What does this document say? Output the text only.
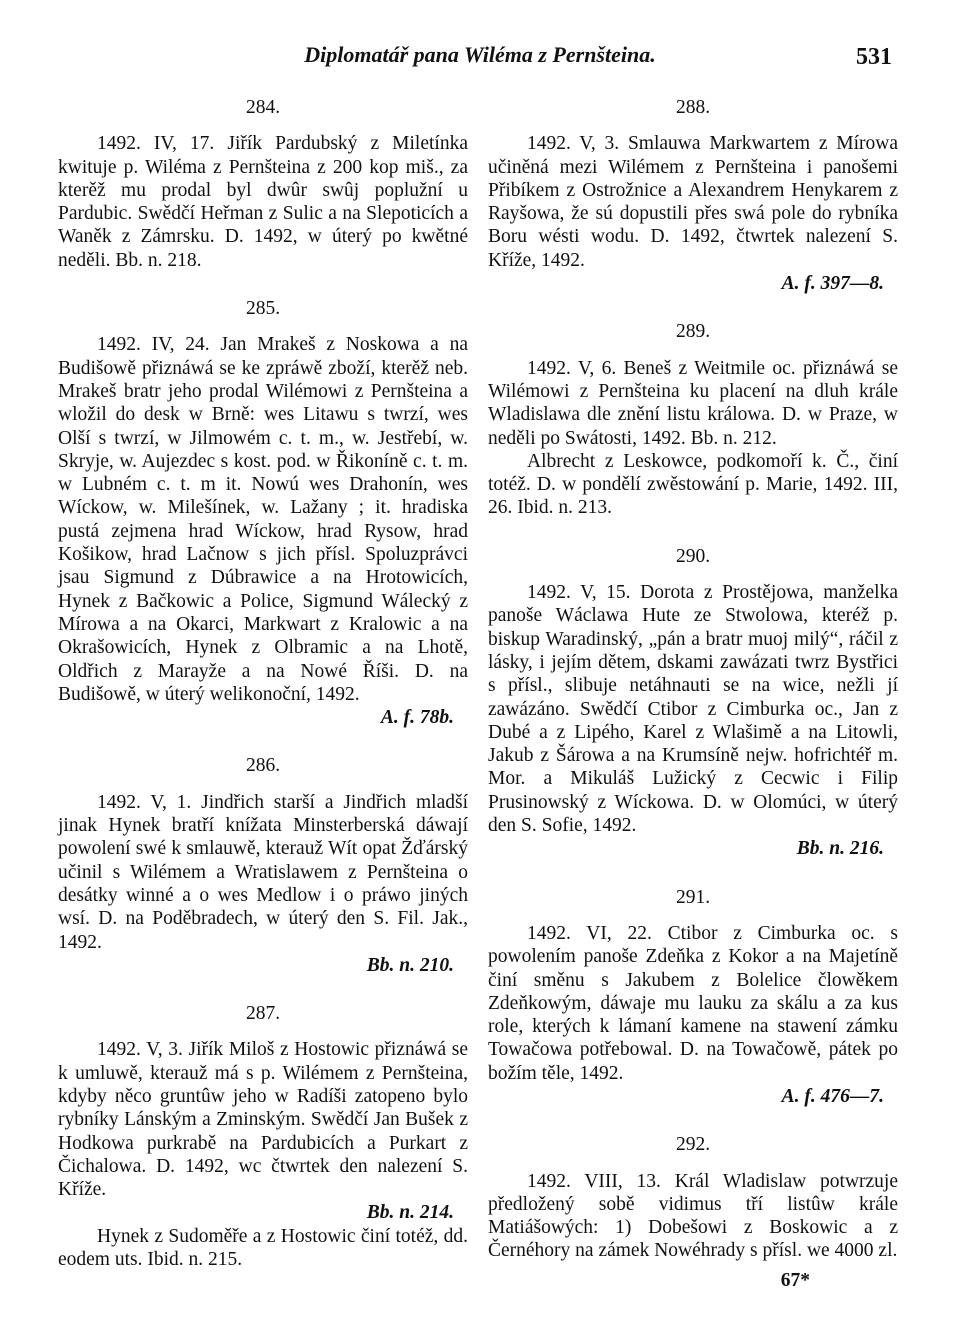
Diplomatář pana Wiléma z Pernšteina.	531
284.

1492. IV, 17. Jiřík Pardubský z Miletínka kwituje p. Wiléma z Pernšteina z 200 kop miš., za kterěž mu prodal byl dwûr swûj poplužní u Pardubic. Swědčí Heřman z Sulic a na Slepoticích a Waněk z Zámrsku. D. 1492, w úterý po kwětné neděli. Bb. n. 218.

285.

1492. IV, 24. Jan Mrakeš z Noskowa a na Budišowě přiznáwá se ke zpráwě zboží, kterěž neb. Mrakeš bratr jeho prodal Wilémowi z Pernšteina a wložil do desk w Brně: wes Litawu s twrzí, wes Olší s twrzí, w Jilmowém c. t. m., w. Jestřebí, w. Skryje, w. Aujezdec s kost. pod. w Řikoníně c. t. m. w Lubném c. t. m it. Nowú wes Drahonín, wes Wíckow, w. Milešínek, w. Lažany ; it. hradiska pustá zejmena hrad Wíckow, hrad Rysow, hrad Košikow, hrad Lačnow s jich přísl. Spoluzprávci jsau Sigmund z Dúbrawice a na Hrotowicích, Hynek z Bačkowic a Police, Sigmund Wálecký z Mírowa a na Okarci, Markwart z Kralowic a na Okrašowicích, Hynek z Olbramic a na Lhotě, Oldřich z Marayže a na Nowé Říši. D. na Budišowě, w úterý welikonoční, 1492.

A. f. 78b.

286.

1492. V, 1. Jindřich starší a Jindřich mladší jinak Hynek bratří knížata Minsterberská dáwají powolení swé k smlauwě, kterauž Wít opat Žďárský učinil s Wilémem a Wratislawem z Pernšteina o desátky winné a o wes Medlow i o práwo jiných wsí. D. na Poděbradech, w úterý den S. Fil. Jak., 1492.

Bb. n. 210.

287.

1492. V, 3. Jiřík Miloš z Hostowic přiznáwá se k umluwě, kterauž má s p. Wilémem z Pernšteina, kdyby něco gruntûw jeho w Radíši zatopeno bylo rybníky Lánským a Zminským. Swědčí Jan Bušek z Hodkowa purkrabě na Pardubicích a Purkart z Čichalowa. D. 1492, wc čtwrtek den nalezení S. Kříže.

Bb. n. 214.

Hynek z Sudoměře a z Hostowic činí totéž, dd. eodem uts. Ibid. n. 215.

288.

1492. V, 3. Smlauwa Markwartem z Mírowa učiněná mezi Wilémem z Pernšteina i panošemi Přibíkem z Ostrožnice a Alexandrem Henykarem z Rayšowa, že sú dopustili přes swá pole do rybníka Boru wésti wodu. D. 1492, čtwrtek nalezení S. Kříže, 1492.

A. f. 397—8.

289.

1492. V, 6. Beneš z Weitmile oc. přiznáwá se Wilémowi z Pernšteina ku placení na dluh krále Wladislawa dle znění listu králowa. D. w Praze, w neděli po Swátosti, 1492. Bb. n. 212.

Albrecht z Leskowce, podkomoří k. Č., činí totéž. D. w pondělí zwěstowání p. Marie, 1492. III, 26. Ibid. n. 213.

290.

1492. V, 15. Dorota z Prostějowa, manželka panoše Wáclawa Hute ze Stwolowa, kteréž p. biskup Waradinský, „pán a bratr muoj milý“, ráčil z lásky, i jejím dětem, dskami zawázati twrz Bystřici s přísl., slibuje netáhnauti se na wice, nežli jí zawázáno. Swědčí Ctibor z Cimburka oc., Jan z Dubé a z Lipého, Karel z Wlašimě a na Litowli, Jakub z Šárowa a na Krumsíně nejw. hofrichtéř m. Mor. a Mikuláš Lužický z Cecwic i Filip Prusinowský z Wíckowa. D. w Olomúci, w úterý den S. Sofie, 1492.

Bb. n. 216.

291.

1492. VI, 22. Ctibor z Cimburka oc. s powolením panoše Zdeňka z Kokor a na Majetíně činí směnu s Jakubem z Bolelice člowěkem Zdeňkowým, dáwaje mu lauku za skálu a za kus role, kterých k lámaní kamene na stawení zámku Towačowa potřebowal. D. na Towačowě, pátek po božím těle, 1492.

A. f. 476—7.

292.

1492. VIII, 13. Král Wladislaw potwrzuje předložený sobě vidimus tří listûw krále Matiášowých: 1) Dobešowi z Boskowic a z Černéhory na zámek Nowéhrady s přísl. we 4000 zl.

67*
